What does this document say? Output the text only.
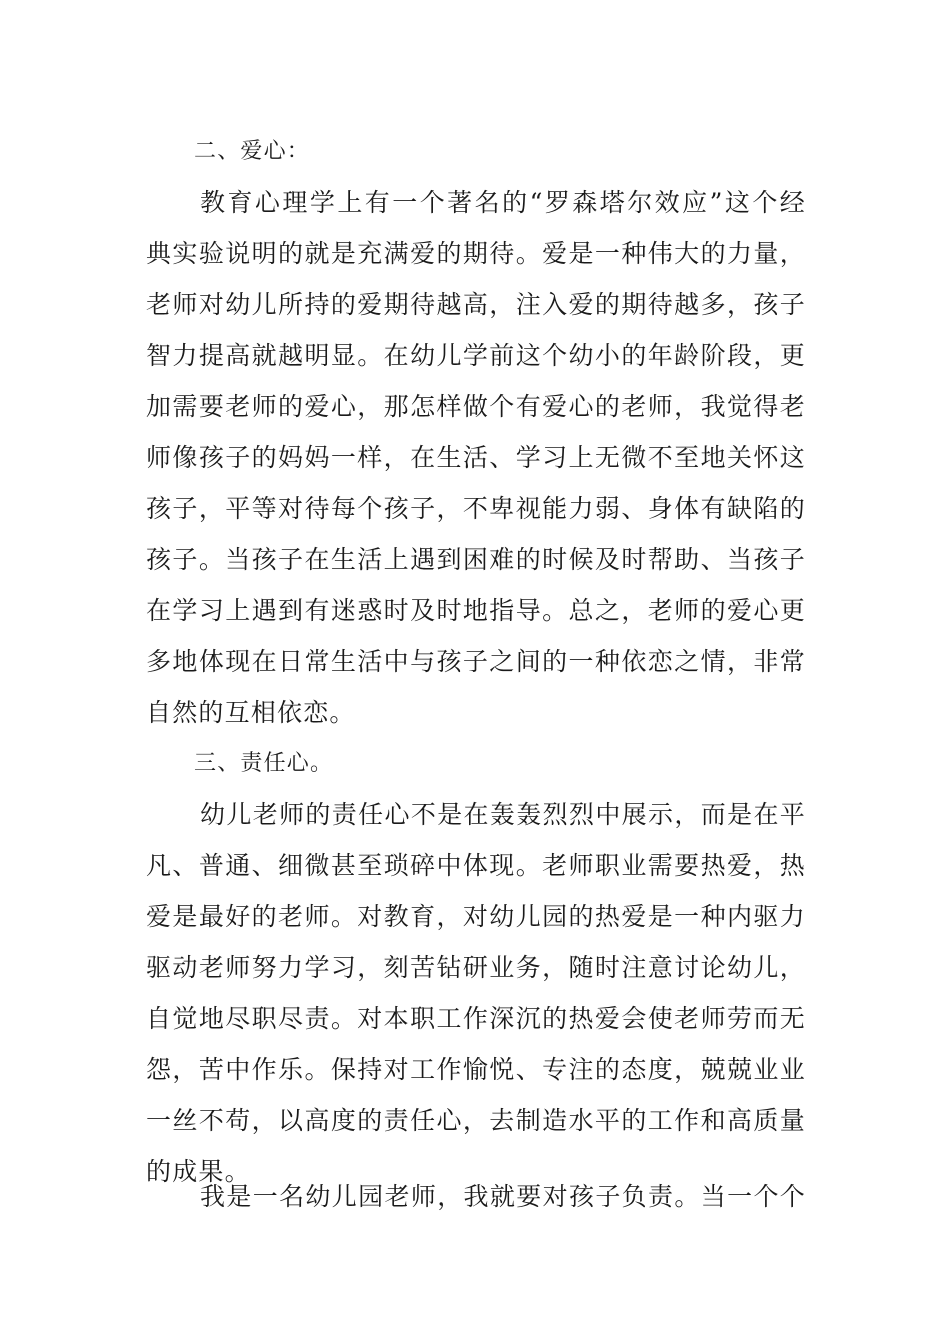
二、爱心：
教育心理学上有一个著名的“罗森塔尔效应”这个经
典实验说明的就是充满爱的期待。爱是一种伟大的力量，
老师对幼儿所持的爱期待越高，注入爱的期待越多，孩子
智力提高就越明显。在幼儿学前这个幼小的年龄阶段，更
加需要老师的爱心，那怎样做个有爱心的老师，我觉得老
师像孩子的妈妈一样，在生活、学习上无微不至地关怀这
孩子，平等对待每个孩子，不卑视能力弱、身体有缺陷的
孩子。当孩子在生活上遇到困难的时候及时帮助、当孩子
在学习上遇到有迷惑时及时地指导。总之，老师的爱心更
多地体现在日常生活中与孩子之间的一种依恋之情，非常
自然的互相依恋。
三、责任心。
幼儿老师的责任心不是在轰轰烈烈中展示，而是在平
凡、普通、细微甚至琐碎中体现。老师职业需要热爱，热
爱是最好的老师。对教育，对幼儿园的热爱是一种内驱力
驱动老师努力学习，刻苦钻研业务，随时注意讨论幼儿，
自觉地尽职尽责。对本职工作深沉的热爱会使老师劳而无
怨，苦中作乐。保持对工作愉悦、专注的态度，兢兢业业
一丝不苟，以高度的责任心，去制造水平的工作和高质量
的成果。
我是一名幼儿园老师，我就要对孩子负责。当一个个
